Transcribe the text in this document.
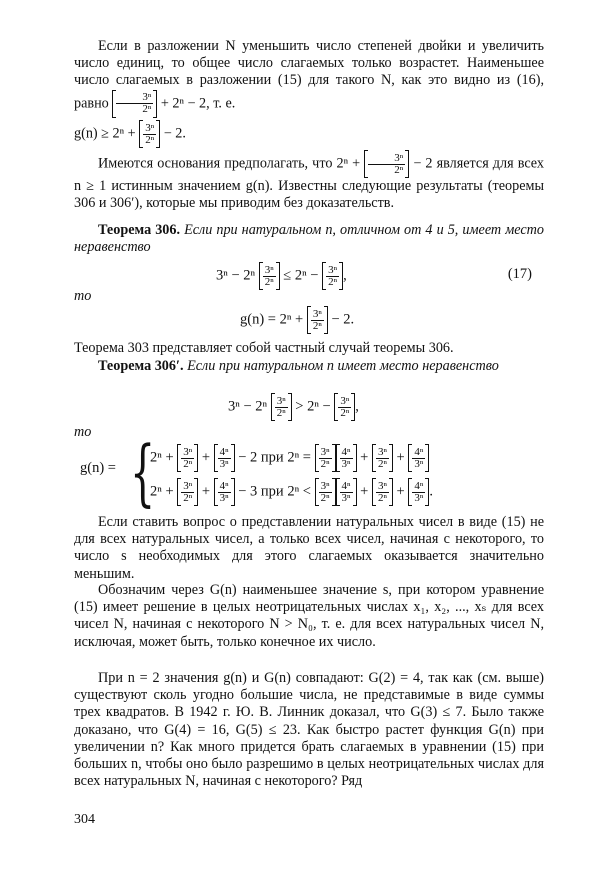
Если в разложении N уменьшить число степеней двойки и увеличить число единиц, то общее число слагаемых только возрастет. Наименьшее число слагаемых в разложении (15) для такого N, как это видно из (16), равно $\frac{\text{3ⁿ}}{\text{2ⁿ}} + 2^n - 2$, т. е.

$g(n) \ge 2^n + \frac{\text{3ⁿ}}{\text{2ⁿ}} - 2$.

Имеются основания предполагать, что $2^n + \frac{\text{3ⁿ}}{\text{2ⁿ}} - 2$ является для всех n ≥ 1 истинным значением g(n). Известны следующие результаты (теоремы 306 и 306′), которые мы приводим без доказательств.

Теорема 306. Если при натуральном n, отличном от 4 и 5, имеет место неравенство

$3^n - 2^n \frac{\text{3ⁿ}}{\text{2ⁿ}} \le 2^n - \frac{\text{3ⁿ}}{\text{2ⁿ}}$ ,	(17)
то
$g(n) = 2^n + \frac{\text{3ⁿ}}{\text{2ⁿ}} - 2$.

Теорема 303 представляет собой частный случай теоремы 306.

Теорема 306′. Если при натуральном n имеет место неравенство

$3^n - 2^n \frac{\text{3ⁿ}}{\text{2ⁿ}} > 2^n - \frac{\text{3ⁿ}}{\text{2ⁿ}}$ ,
то
g(n) = {
$2^n + \frac{\text{3ⁿ}}{\text{2ⁿ}} + \frac{\text{4ⁿ}}{\text{3ⁿ}} - 2$ при $2^n = \frac{\text{3ⁿ}}{\text{2ⁿ}} \frac{\text{4ⁿ}}{\text{3ⁿ}} + \frac{\text{3ⁿ}}{\text{2ⁿ}} + \frac{\text{4ⁿ}}{\text{3ⁿ}}$
$2^n + \frac{\text{3ⁿ}}{\text{2ⁿ}} + \frac{\text{4ⁿ}}{\text{3ⁿ}} - 3$ при $2^n < \frac{\text{3ⁿ}}{\text{2ⁿ}} \frac{\text{4ⁿ}}{\text{3ⁿ}} + \frac{\text{3ⁿ}}{\text{2ⁿ}} + \frac{\text{4ⁿ}}{\text{3ⁿ}}$ .

Если ставить вопрос о представлении натуральных чисел в виде (15) не для всех натуральных чисел, а только всех чисел, начиная с некоторого, то число s необходимых для этого слагаемых оказывается значительно меньшим.

Обозначим через G(n) наименьшее значение s, при котором уравнение (15) имеет решение в целых неотрицательных числах x₁, x₂, ..., xₛ для всех чисел N, начиная с некоторого N > N₀, т. е. для всех натуральных чисел N, исключая, может быть, только конечное их число.

При n = 2 значения g(n) и G(n) совпадают: G(2) = 4, так как (см. выше) существуют сколь угодно большие числа, не представимые в виде суммы трех квадратов. В 1942 г. Ю. В. Линник доказал, что G(3) ≤ 7. Было также доказано, что G(4) = 16, G(5) ≤ 23. Как быстро растет функция G(n) при увеличении n? Как много придется брать слагаемых в уравнении (15) при больших n, чтобы оно было разрешимо в целых неотрицательных числах для всех натуральных N, начиная с некоторого? Ряд

304
